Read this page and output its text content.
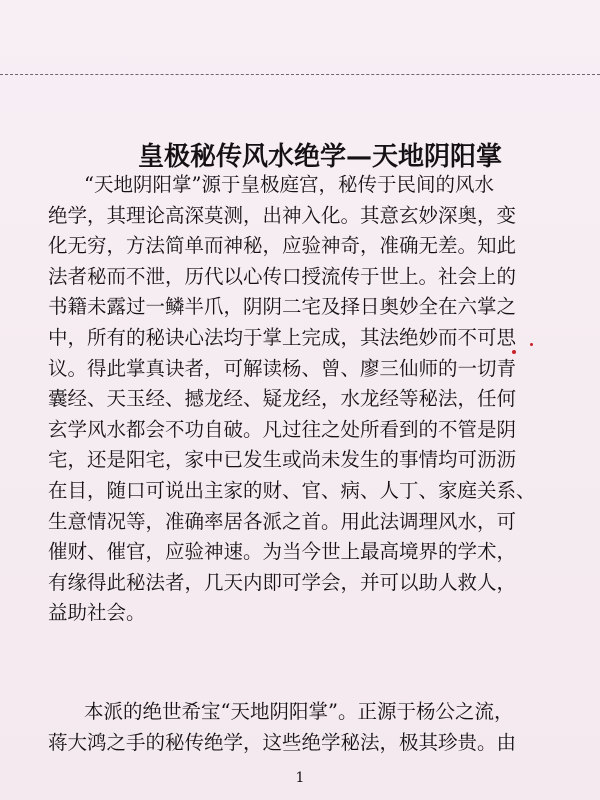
皇极秘传风水绝学—天地阴阳掌
“天地阴阳掌”源于皇极庭宫，秘传于民间的风水
绝学，其理论高深莫测，出神入化。其意玄妙深奥，变
化无穷，方法简单而神秘，应验神奇，准确无差。知此
法者秘而不泄，历代以心传口授流传于世上。社会上的
书籍未露过一鳞半爪，阴阴二宅及择日奥妙全在六掌之
中，所有的秘诀心法均于掌上完成，其法绝妙而不可思
议。得此掌真诀者，可解读杨、曾、廖三仙师的一切青
囊经、天玉经、撼龙经、疑龙经，水龙经等秘法，任何
玄学风水都会不功自破。凡过往之处所看到的不管是阴
宅，还是阳宅，家中已发生或尚未发生的事情均可沥沥
在目，随口可说出主家的财、官、病、人丁、家庭关系、
生意情况等，准确率居各派之首。用此法调理风水，可
催财、催官，应验神速。为当今世上最高境界的学术，
有缘得此秘法者，几天内即可学会，并可以助人救人，
益助社会。
本派的绝世希宝“天地阴阳掌”。正源于杨公之流，
蒋大鸿之手的秘传绝学，这些绝学秘法，极其珍贵。由
1
